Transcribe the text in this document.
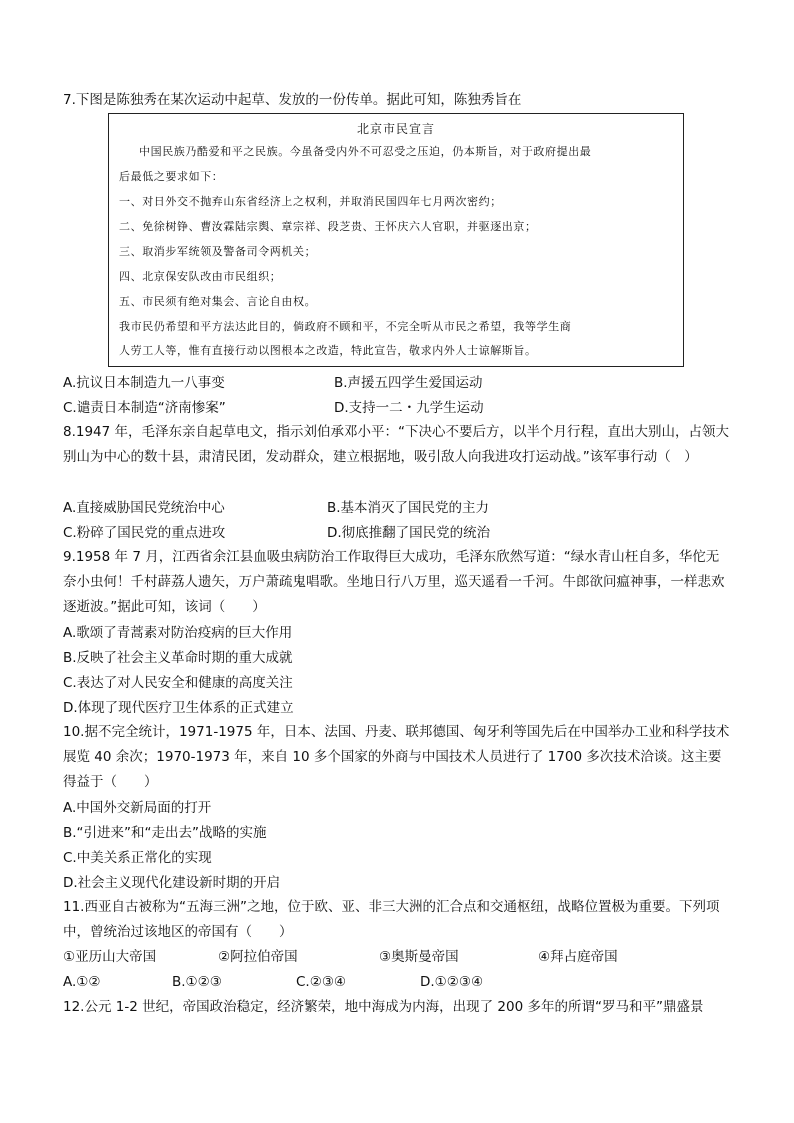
7.下图是陈独秀在某次运动中起草、发放的一份传单。据此可知，陈独秀旨在
北京市民宣言
中国民族乃酷爱和平之民族。今虽备受内外不可忍受之压迫，仍本斯旨，对于政府提出最
后最低之要求如下：
一、对日外交不抛弃山东省经济上之权利，并取消民国四年七月两次密约；
二、免徐树铮、曹汝霖陆宗舆、章宗祥、段芝贵、王怀庆六人官职，并驱逐出京；
三、取消步军统领及警备司令两机关；
四、北京保安队改由市民组织；
五、市民须有绝对集会、言论自由权。
我市民仍希望和平方法达此目的，倘政府不顾和平，不完全听从市民之希望，我等学生商
人劳工人等，惟有直接行动以图根本之改造，特此宣告，敬求内外人士谅解斯旨。
A.抗议日本制造九一八事变	B.声援五四学生爱国运动
C.谴责日本制造“济南惨案”	D.支持一二・九学生运动
8.1947 年，毛泽东亲自起草电文，指示刘伯承邓小平：“下决心不要后方，以半个月行程，直出大别山，占领大别山为中心的数十县，肃清民团，发动群众，建立根据地，吸引敌人向我进攻打运动战。”该军事行动（　）
A.直接威胁国民党统治中心	B.基本消灭了国民党的主力
C.粉碎了国民党的重点进攻	D.彻底推翻了国民党的统治
9.1958 年 7 月，江西省余江县血吸虫病防治工作取得巨大成功，毛泽东欣然写道：“绿水青山枉自多，华佗无奈小虫何！千村薜荔人遗矢，万户萧疏鬼唱歌。坐地日行八万里，巡天遥看一千河。牛郎欲问瘟神事，一样悲欢逐逝波。”据此可知，该词（　　）
A.歌颂了青蒿素对防治疫病的巨大作用
B.反映了社会主义革命时期的重大成就
C.表达了对人民安全和健康的高度关注
D.体现了现代医疗卫生体系的正式建立
10.据不完全统计，1971-1975 年，日本、法国、丹麦、联邦德国、匈牙利等国先后在中国举办工业和科学技术展览 40 余次；1970-1973 年，来自 10 多个国家的外商与中国技术人员进行了 1700 多次技术洽谈。这主要得益于（　　）
A.中国外交新局面的打开
B.“引进来”和“走出去”战略的实施
C.中美关系正常化的实现
D.社会主义现代化建设新时期的开启
11.西亚自古被称为“五海三洲”之地，位于欧、亚、非三大洲的汇合点和交通枢纽，战略位置极为重要。下列项中，曾统治过该地区的帝国有（　　）
①亚历山大帝国	②阿拉伯帝国	③奥斯曼帝国	④拜占庭帝国
A.①②	B.①②③	C.②③④	D.①②③④
12.公元 1-2 世纪，帝国政治稳定，经济繁荣，地中海成为内海，出现了 200 多年的所谓“罗马和平”鼎盛景
